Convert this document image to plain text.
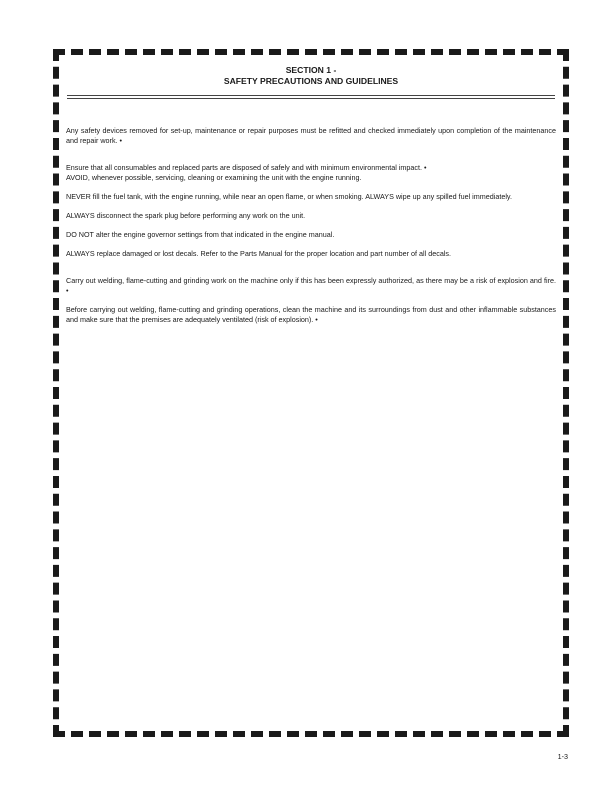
SECTION 1 -
SAFETY PRECAUTIONS AND GUIDELINES

Any safety devices removed for set-up, maintenance or repair purposes must be refitted and checked immediately upon completion of the maintenance and repair work. •

Ensure that all consumables and replaced parts are disposed of safely and with minimum environmental impact. •

AVOID, whenever possible, servicing, cleaning or examining the unit with the engine running.

NEVER fill the fuel tank, with the engine running, while near an open flame, or when smoking. ALWAYS wipe up any spilled fuel immediately.

ALWAYS disconnect the spark plug before performing any work on the unit.

DO NOT alter the engine governor settings from that indicated in the engine manual.

ALWAYS replace damaged or lost decals. Refer to the Parts Manual for the proper location and part number of all decals.

Carry out welding, flame-cutting and grinding work on the machine only if this has been expressly authorized, as there may be a risk of explosion and fire. •

Before carrying out welding, flame-cutting and grinding operations, clean the machine and its surroundings from dust and other inflammable substances and make sure that the premises are adequately ventilated (risk of explosion). •

1-3
